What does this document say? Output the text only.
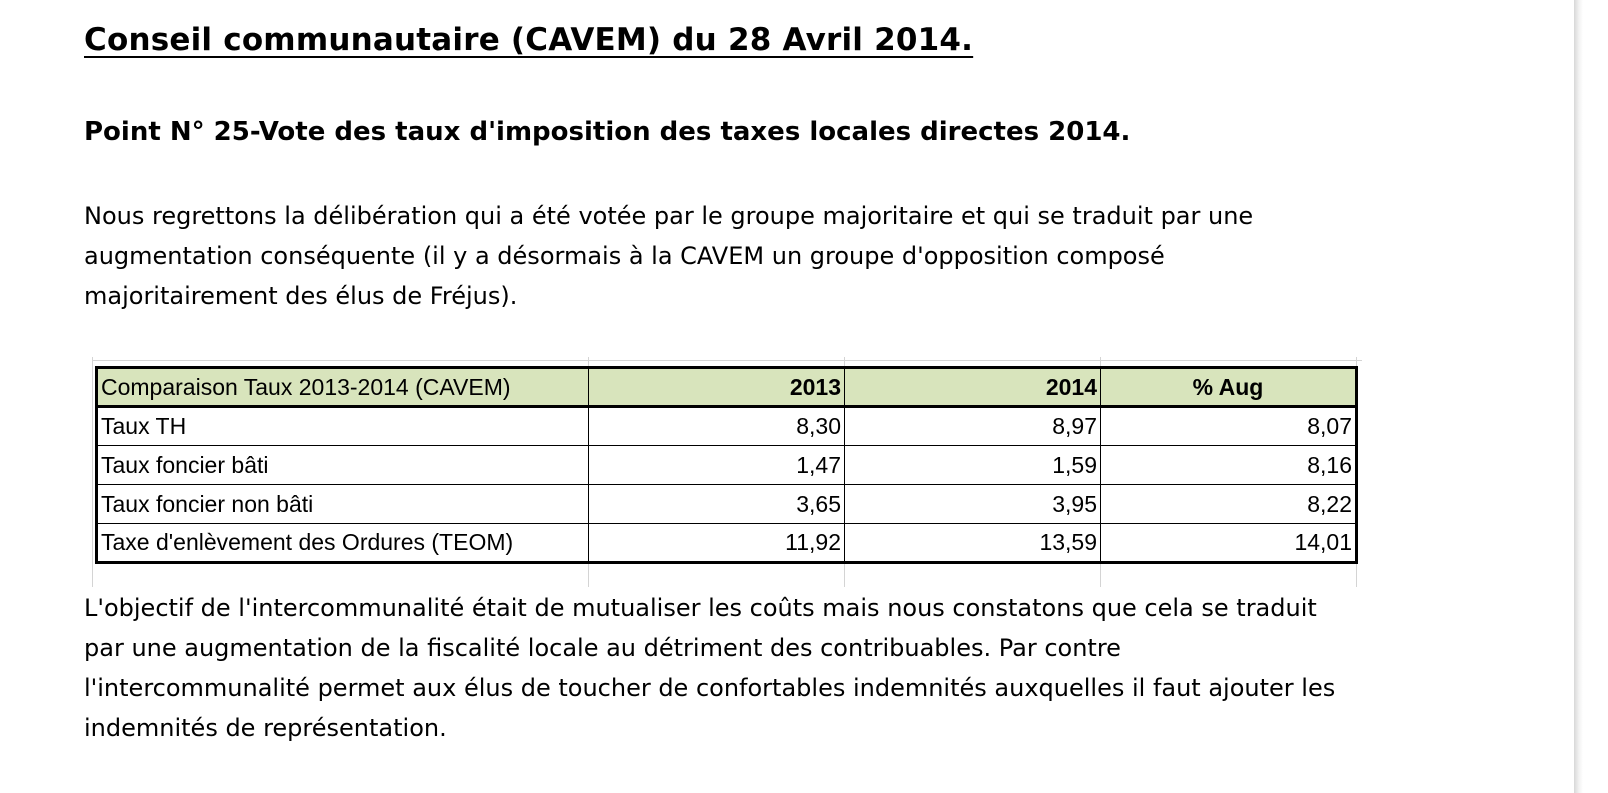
Conseil communautaire (CAVEM) du 28 Avril 2014.
Point N° 25-Vote des taux d'imposition des taxes locales directes 2014.

Nous regrettons la délibération qui a été votée par le groupe majoritaire et qui se traduit par une
augmentation conséquente (il y a désormais à la CAVEM un groupe d'opposition composé
majoritairement des élus de Fréjus).

Comparaison Taux 2013-2014 (CAVEM)	2013	2014	% Aug
Taux TH	8,30	8,97	8,07
Taux foncier bâti	1,47	1,59	8,16
Taux foncier non bâti	3,65	3,95	8,22
Taxe d'enlèvement des Ordures (TEOM)	11,92	13,59	14,01

L'objectif de l'intercommunalité était de mutualiser les coûts mais nous constatons que cela se traduit
par une augmentation de la fiscalité locale au détriment des contribuables. Par contre
l'intercommunalité permet aux élus de toucher de confortables indemnités auxquelles il faut ajouter les
indemnités de représentation.
